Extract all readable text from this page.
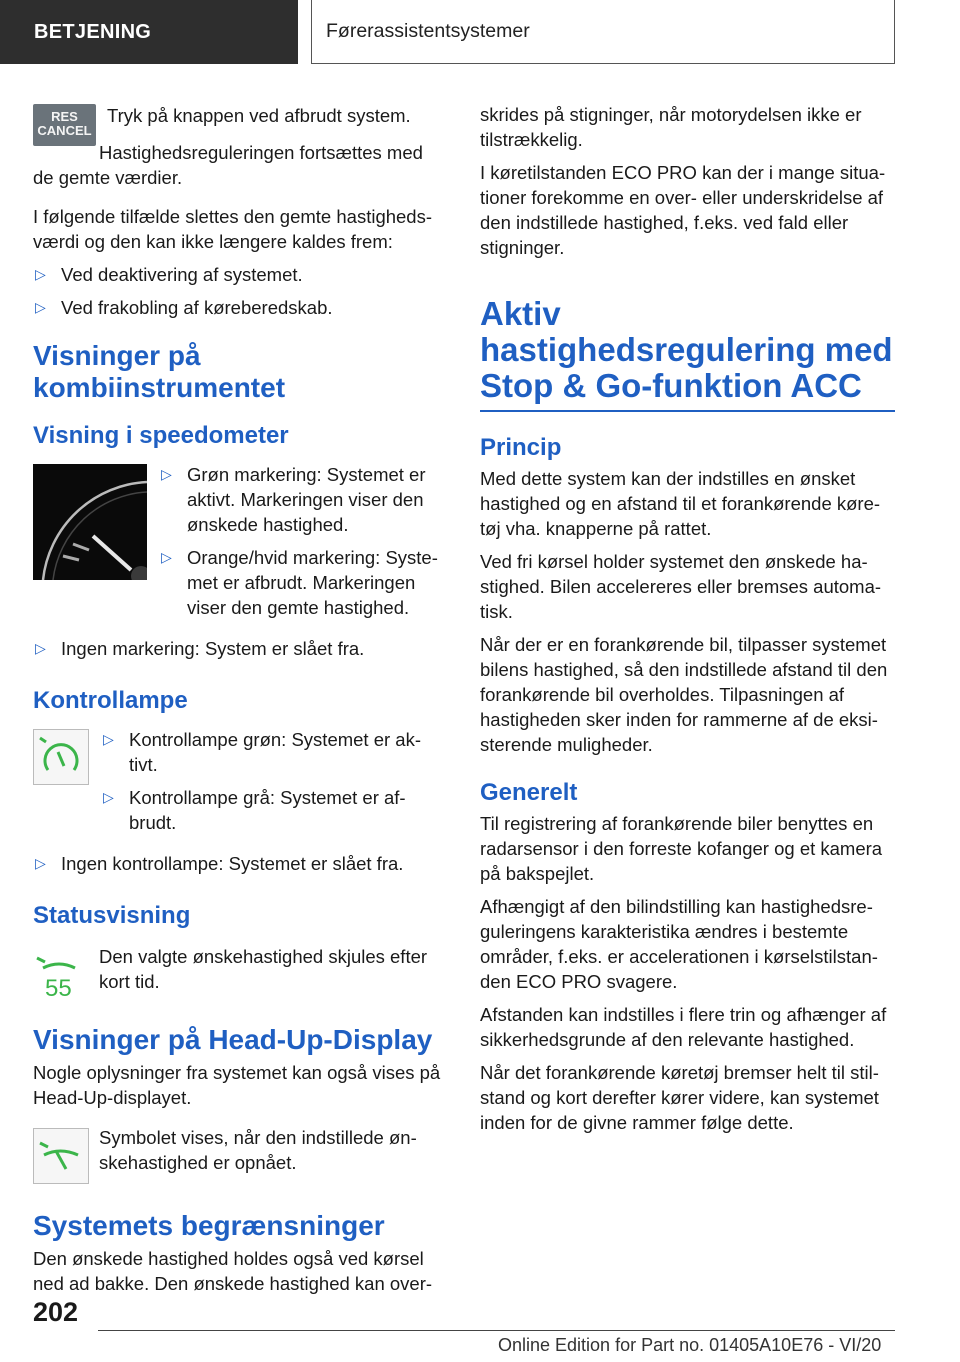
BETJENING	Førerassistentsystemer
RES
CANCEL

Tryk på knappen ved afbrudt system.

Hastighedsreguleringen fortsættes med de gemte værdier.

I følgende tilfælde slettes den gemte hastigheds-værdi og den kan ikke længere kaldes frem:

▷ Ved deaktivering af systemet.
▷ Ved frakobling af køreberedskab.
Visninger på kombiinstrumentet
Visning i speedometer
▷ Grøn markering: Systemet er aktivt. Markeringen viser den ønskede hastighed.
▷ Orange/hvid markering: Syste-met er afbrudt. Markeringen viser den gemte hastighed.
▷ Ingen markering: System er slået fra.
Kontrollampe
▷ Kontrollampe grøn: Systemet er ak-tivt.
▷ Kontrollampe grå: Systemet er af-brudt.
▷ Ingen kontrollampe: Systemet er slået fra.
Statusvisning
55

Den valgte ønskehastighed skjules efter kort tid.

Visninger på Head-Up-Display

Nogle oplysninger fra systemet kan også vises på Head-Up-displayet.

Symbolet vises, når den indstillede øn-skehastighed er opnået.

Systemets begrænsninger

Den ønskede hastighed holdes også ved kørsel ned ad bakke. Den ønskede hastighed kan over-

skrides på stigninger, når motorydelsen ikke er tilstrækkelig.

I køretilstanden ECO PRO kan der i mange situa-tioner forekomme en over- eller underskridelse af den indstillede hastighed, f.eks. ved fald eller stigninger.

Aktiv hastighedsregulering med Stop & Go-funktion ACC
Princip

Med dette system kan der indstilles en ønsket hastighed og en afstand til et forankørende køre-tøj vha. knapperne på rattet.

Ved fri kørsel holder systemet den ønskede ha-stighed. Bilen accelereres eller bremses automa-tisk.

Når der er en forankørende bil, tilpasser systemet bilens hastighed, så den indstillede afstand til den forankørende bil overholdes. Tilpasningen af hastigheden sker inden for rammerne af de eksi-sterende muligheder.

Generelt

Til registrering af forankørende biler benyttes en radarsensor i den forreste kofanger og et kamera på bakspejlet.

Afhængigt af den bilindstilling kan hastighedsre-guleringens karakteristika ændres i bestemte områder, f.eks. er accelerationen i kørselstilstan-den ECO PRO svagere.

Afstanden kan indstilles i flere trin og afhænger af sikkerhedsgrunde af den relevante hastighed.

Når det forankørende køretøj bremser helt til stil-stand og kort derefter kører videre, kan systemet inden for de givne rammer følge dette.

202
Online Edition for Part no. 01405A10E76 - VI/20
